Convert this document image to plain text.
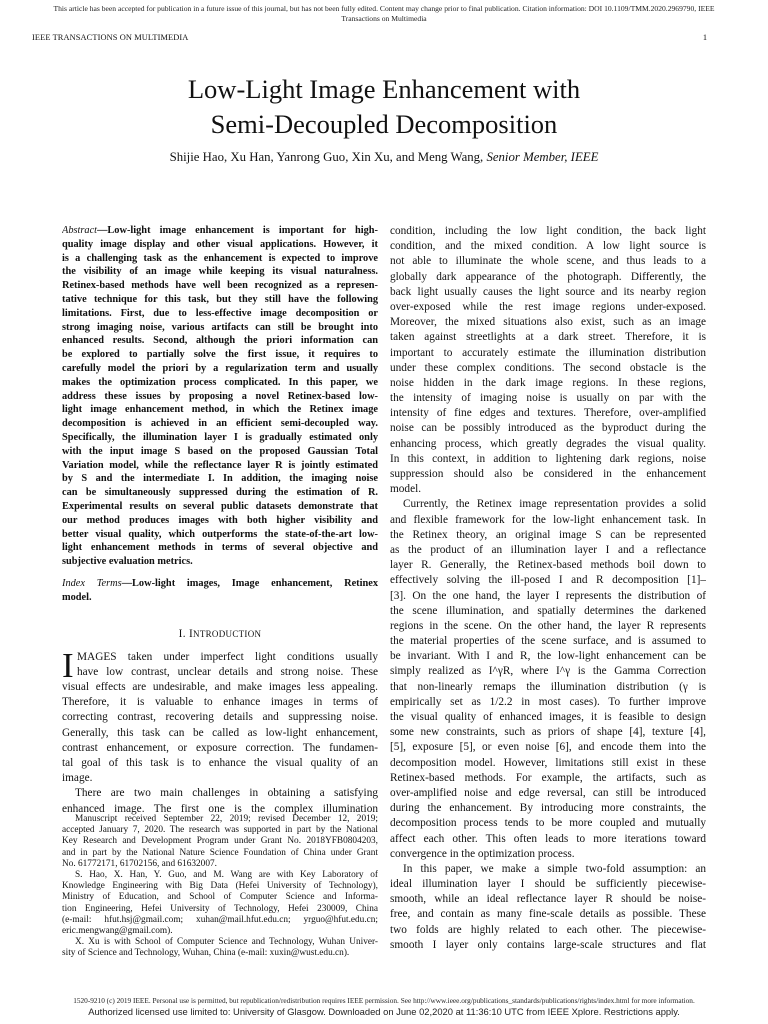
This article has been accepted for publication in a future issue of this journal, but has not been fully edited. Content may change prior to final publication. Citation information: DOI 10.1109/TMM.2020.2969790, IEEE
Transactions on Multimedia
IEEE TRANSACTIONS ON MULTIMEDIA	1
Low-Light Image Enhancement with
Semi-Decoupled Decomposition
Shijie Hao, Xu Han, Yanrong Guo, Xin Xu, and Meng Wang, Senior Member, IEEE
Abstract—Low-light image enhancement is important for high-
quality image display and other visual applications. However, it
is a challenging task as the enhancement is expected to improve
the visibility of an image while keeping its visual naturalness.
Retinex-based methods have well been recognized as a represen-
tative technique for this task, but they still have the following
limitations. First, due to less-effective image decomposition or
strong imaging noise, various artifacts can still be brought into
enhanced results. Second, although the priori information can
be explored to partially solve the first issue, it requires to
carefully model the priori by a regularization term and usually
makes the optimization process complicated. In this paper, we
address these issues by proposing a novel Retinex-based low-
light image enhancement method, in which the Retinex image
decomposition is achieved in an efficient semi-decoupled way.
Specifically, the illumination layer I is gradually estimated only
with the input image S based on the proposed Gaussian Total
Variation model, while the reflectance layer R is jointly estimated
by S and the intermediate I. In addition, the imaging noise
can be simultaneously suppressed during the estimation of R.
Experimental results on several public datasets demonstrate that
our method produces images with both higher visibility and
better visual quality, which outperforms the state-of-the-art low-
light enhancement methods in terms of several objective and
subjective evaluation metrics.
Index Terms—Low-light images, Image enhancement, Retinex
model.
I. INTRODUCTION
I MAGES taken under imperfect light conditions usually
have low contrast, unclear details and strong noise. These
visual effects are undesirable, and make images less appealing.
Therefore, it is valuable to enhance images in terms of
correcting contrast, recovering details and suppressing noise.
Generally, this task can be called as low-light enhancement,
contrast enhancement, or exposure correction. The fundamen-
tal goal of this task is to enhance the visual quality of an
image.
There are two main challenges in obtaining a satisfying
enhanced image. The first one is the complex illumination
Manuscript received September 22, 2019; revised December 12, 2019;
accepted January 7, 2020. The research was supported in part by the National
Key Research and Development Program under Grant No. 2018YFB0804203,
and in part by the National Nature Science Foundation of China under Grant
No. 61772171, 61702156, and 61632007.
S. Hao, X. Han, Y. Guo, and M. Wang are with Key Laboratory of
Knowledge Engineering with Big Data (Hefei University of Technology),
Ministry of Education, and School of Computer Science and Informa-
tion Engineering, Hefei University of Technology, Hefei 230009, China
(e-mail: hfut.hsj@gmail.com; xuhan@mail.hfut.edu.cn; yrguo@hfut.edu.cn;
eric.mengwang@gmail.com).
X. Xu is with School of Computer Science and Technology, Wuhan Univer-
sity of Science and Technology, Wuhan, China (e-mail: xuxin@wust.edu.cn).
condition, including the low light condition, the back light
condition, and the mixed condition. A low light source is
not able to illuminate the whole scene, and thus leads to a
globally dark appearance of the photograph. Differently, the
back light usually causes the light source and its nearby region
over-exposed while the rest image regions under-exposed.
Moreover, the mixed situations also exist, such as an image
taken against streetlights at a dark street. Therefore, it is
important to accurately estimate the illumination distribution
under these complex conditions. The second obstacle is the
noise hidden in the dark image regions. In these regions,
the intensity of imaging noise is usually on par with the
intensity of fine edges and textures. Therefore, over-amplified
noise can be possibly introduced as the byproduct during the
enhancing process, which greatly degrades the visual quality.
In this context, in addition to lightening dark regions, noise
suppression should also be considered in the enhancement
model.
Currently, the Retinex image representation provides a solid
and flexible framework for the low-light enhancement task. In
the Retinex theory, an original image S can be represented
as the product of an illumination layer I and a reflectance
layer R. Generally, the Retinex-based methods boil down to
effectively solving the ill-posed I and R decomposition [1]–
[3]. On the one hand, the layer I represents the distribution of
the scene illumination, and spatially determines the darkened
regions in the scene. On the other hand, the layer R represents
the material properties of the scene surface, and is assumed to
be invariant. With I and R, the low-light enhancement can be
simply realized as I^γR, where I^γ is the Gamma Correction
that non-linearly remaps the illumination distribution (γ is
empirically set as 1/2.2 in most cases). To further improve
the visual quality of enhanced images, it is feasible to design
some new constraints, such as priors of shape [4], texture [4],
[5], exposure [5], or even noise [6], and encode them into the
decomposition model. However, limitations still exist in these
Retinex-based methods. For example, the artifacts, such as
over-amplified noise and edge reversal, can still be introduced
during the enhancement. By introducing more constraints, the
decomposition process tends to be more coupled and mutually
affect each other. This often leads to more iterations toward
convergence in the optimization process.
In this paper, we make a simple two-fold assumption: an
ideal illumination layer I should be sufficiently piecewise-
smooth, while an ideal reflectance layer R should be noise-
free, and contain as many fine-scale details as possible. These
two folds are highly related to each other. The piecewise-
smooth I layer only contains large-scale structures and flat
1520-9210 (c) 2019 IEEE. Personal use is permitted, but republication/redistribution requires IEEE permission. See http://www.ieee.org/publications_standards/publications/rights/index.html for more information.
Authorized licensed use limited to: University of Glasgow. Downloaded on June 02,2020 at 11:36:10 UTC from IEEE Xplore. Restrictions apply.
